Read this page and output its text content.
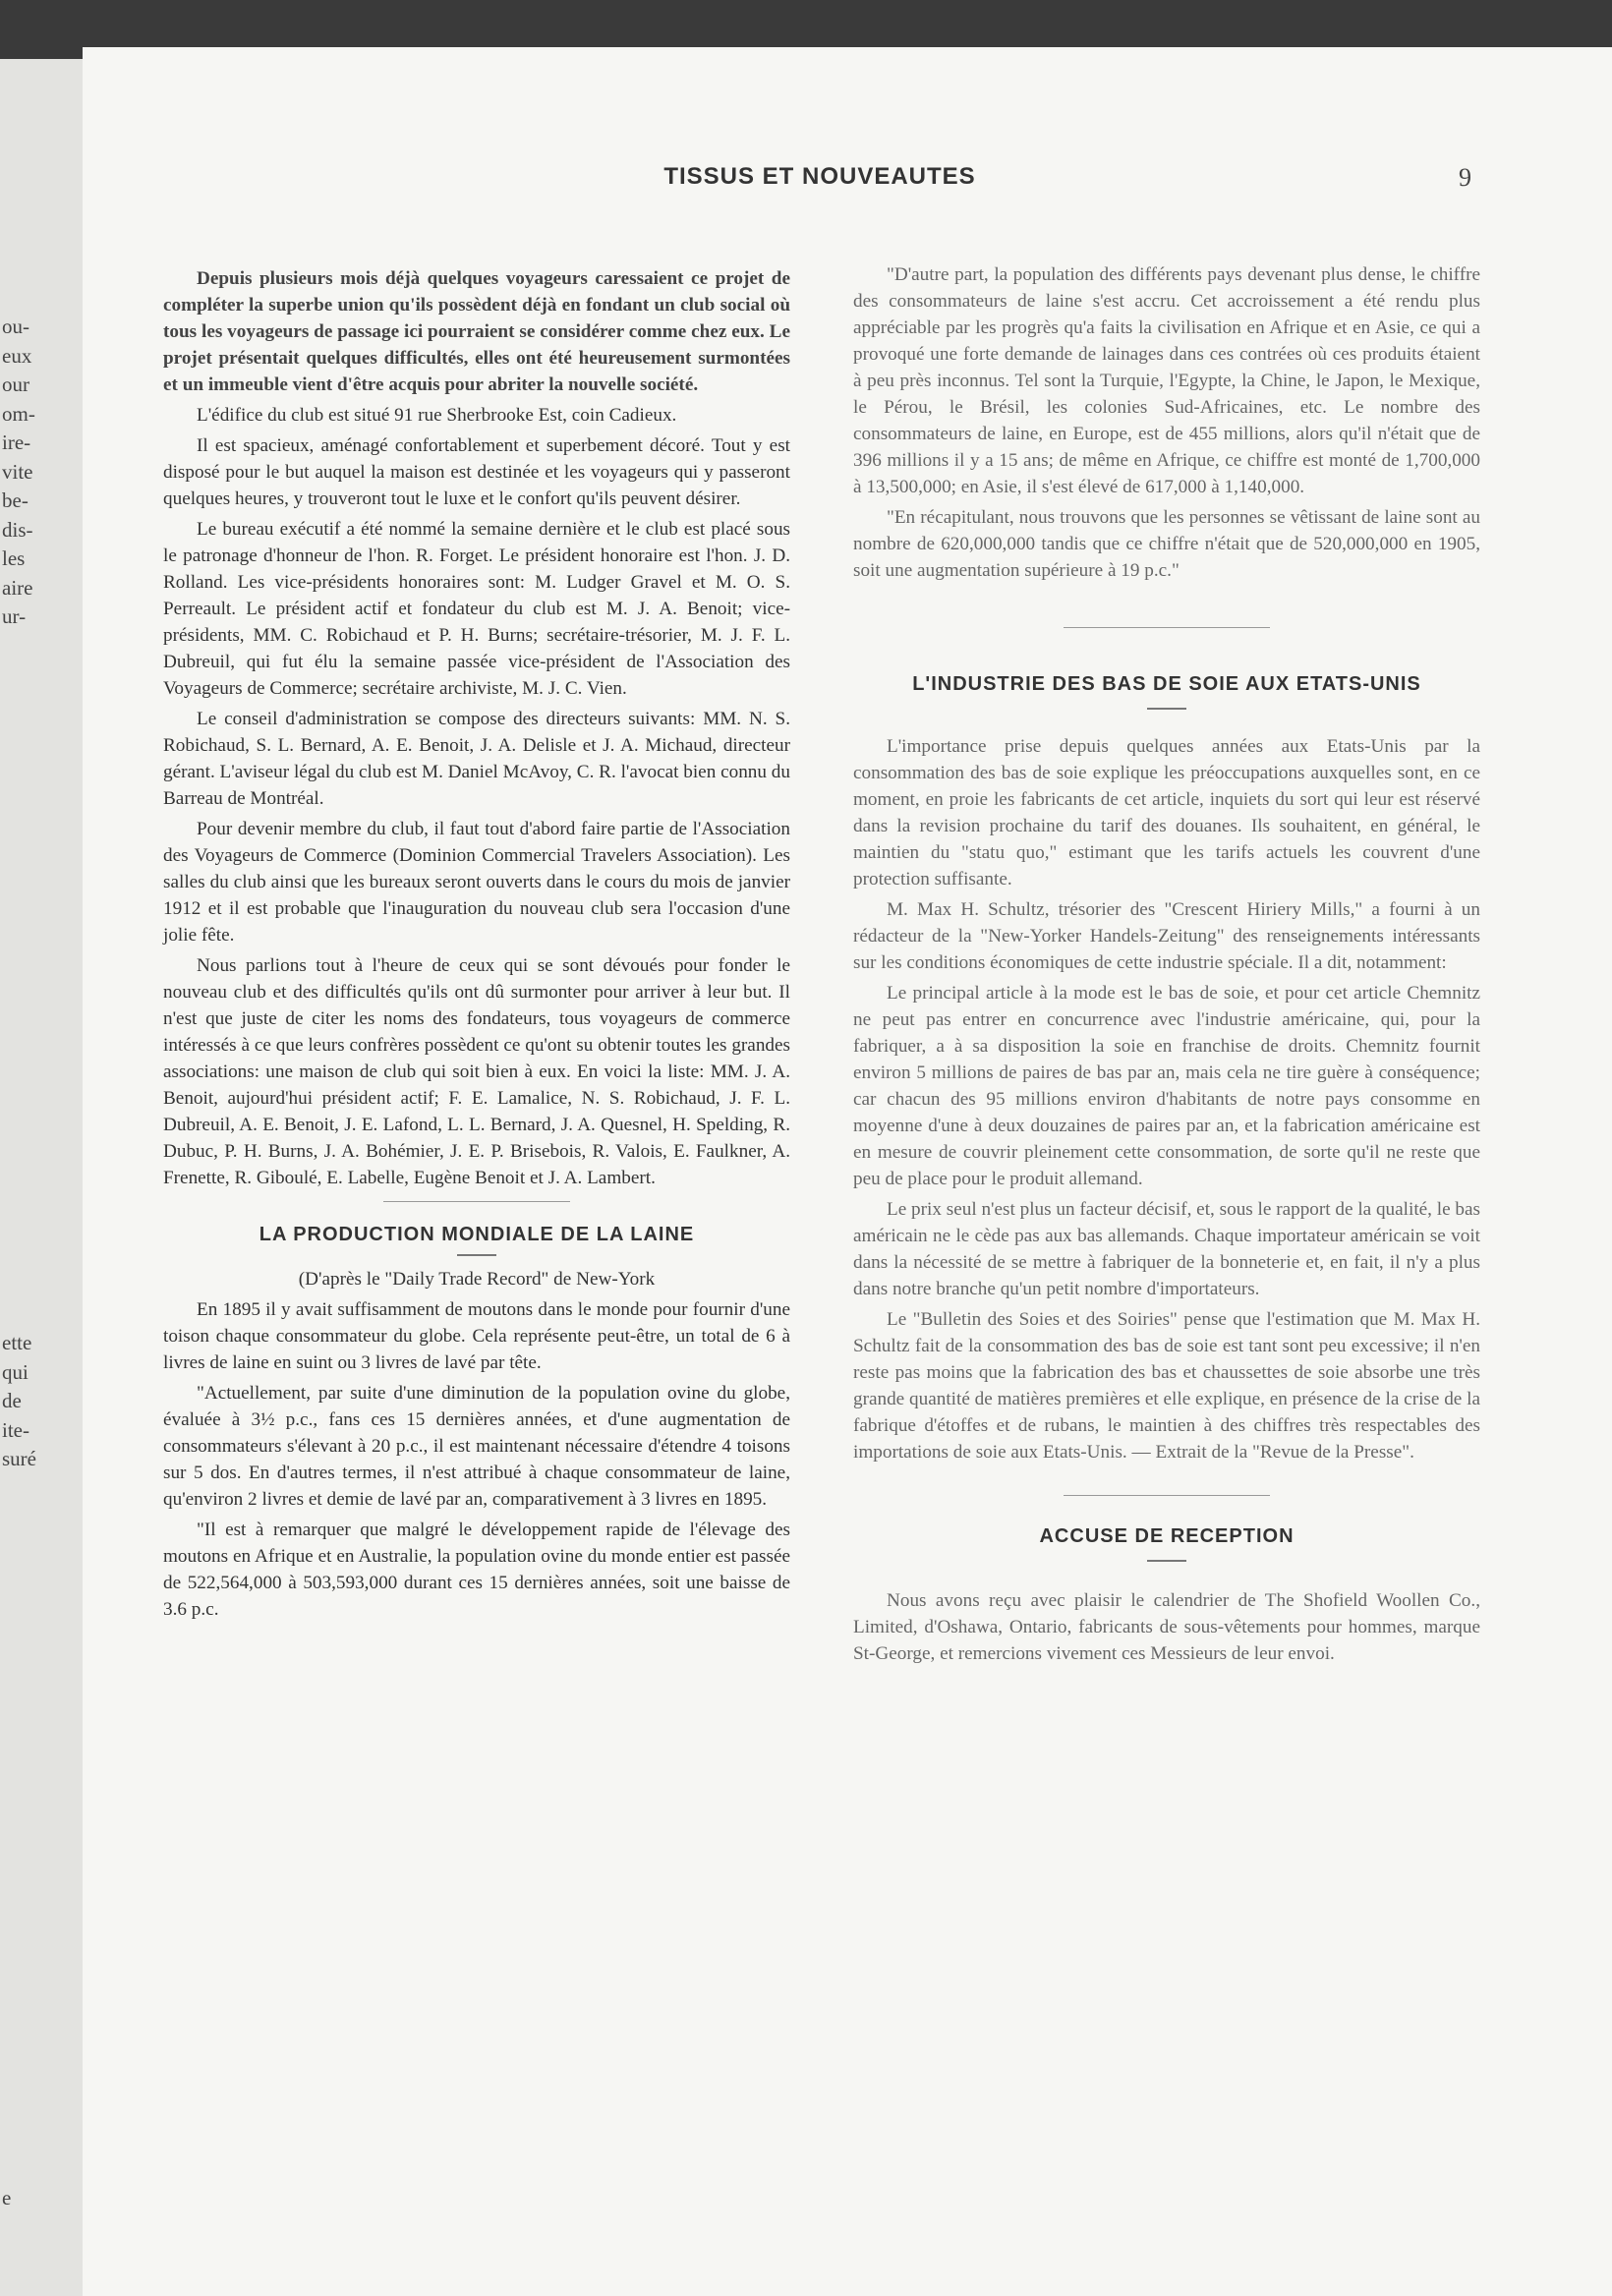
ou-
eux
our
om-
ire-
vite
be-
dis-
les
aire
ur-
ette
qui
de
ite-
suré
e
TISSUS ET NOUVEAUTES	9

Depuis plusieurs mois déjà quelques voyageurs caressaient ce projet de compléter la superbe union qu'ils possèdent déjà en fondant un club social où tous les voyageurs de passage ici pourraient se considérer comme chez eux. Le projet présentait quelques difficultés, elles ont été heureusement surmontées et un immeuble vient d'être acquis pour abriter la nouvelle société.

L'édifice du club est situé 91 rue Sherbrooke Est, coin Cadieux.

Il est spacieux, aménagé confortablement et superbement décoré. Tout y est disposé pour le but auquel la maison est destinée et les voyageurs qui y passeront quelques heures, y trouveront tout le luxe et le confort qu'ils peuvent désirer.

Le bureau exécutif a été nommé la semaine dernière et le club est placé sous le patronage d'honneur de l'hon. R. Forget. Le président honoraire est l'hon. J. D. Rolland. Les vice-présidents honoraires sont: M. Ludger Gravel et M. O. S. Perreault. Le président actif et fondateur du club est M. J. A. Benoit; vice-présidents, MM. C. Robichaud et P. H. Burns; secrétaire-trésorier, M. J. F. L. Dubreuil, qui fut élu la semaine passée vice-président de l'Association des Voyageurs de Commerce; secrétaire archiviste, M. J. C. Vien.

Le conseil d'administration se compose des directeurs suivants: MM. N. S. Robichaud, S. L. Bernard, A. E. Benoit, J. A. Delisle et J. A. Michaud, directeur gérant. L'aviseur légal du club est M. Daniel McAvoy, C. R. l'avocat bien connu du Barreau de Montréal.

Pour devenir membre du club, il faut tout d'abord faire partie de l'Association des Voyageurs de Commerce (Dominion Commercial Travelers Association). Les salles du club ainsi que les bureaux seront ouverts dans le cours du mois de janvier 1912 et il est probable que l'inauguration du nouveau club sera l'occasion d'une jolie fête.

Nous parlions tout à l'heure de ceux qui se sont dévoués pour fonder le nouveau club et des difficultés qu'ils ont dû surmonter pour arriver à leur but. Il n'est que juste de citer les noms des fondateurs, tous voyageurs de commerce intéressés à ce que leurs confrères possèdent ce qu'ont su obtenir toutes les grandes associations: une maison de club qui soit bien à eux. En voici la liste: MM. J. A. Benoit, aujourd'hui président actif; F. E. Lamalice, N. S. Robichaud, J. F. L. Dubreuil, A. E. Benoit, J. E. Lafond, L. L. Bernard, J. A. Quesnel, H. Spelding, R. Dubuc, P. H. Burns, J. A. Bohémier, J. E. P. Brisebois, R. Valois, E. Faulkner, A. Frenette, R. Giboulé, E. Labelle, Eugène Benoit et J. A. Lambert.

LA PRODUCTION MONDIALE DE LA LAINE

(D'après le "Daily Trade Record" de New-York

En 1895 il y avait suffisamment de moutons dans le monde pour fournir d'une toison chaque consommateur du globe. Cela représente peut-être, un total de 6 à livres de laine en suint ou 3 livres de lavé par tête.

"Actuellement, par suite d'une diminution de la population ovine du globe, évaluée à 3½ p.c., fans ces 15 dernières années, et d'une augmentation de consommateurs s'élevant à 20 p.c., il est maintenant nécessaire d'étendre 4 toisons sur 5 dos. En d'autres termes, il n'est attribué à chaque consommateur de laine, qu'environ 2 livres et demie de lavé par an, comparativement à 3 livres en 1895.

"Il est à remarquer que malgré le développement rapide de l'élevage des moutons en Afrique et en Australie, la population ovine du monde entier est passée de 522,564,000 à 503,593,000 durant ces 15 dernières années, soit une baisse de 3.6 p.c.

"D'autre part, la population des différents pays devenant plus dense, le chiffre des consommateurs de laine s'est accru. Cet accroissement a été rendu plus appréciable par les progrès qu'a faits la civilisation en Afrique et en Asie, ce qui a provoqué une forte demande de lainages dans ces contrées où ces produits étaient à peu près inconnus. Tel sont la Turquie, l'Egypte, la Chine, le Japon, le Mexique, le Pérou, le Brésil, les colonies Sud-Africaines, etc. Le nombre des consommateurs de laine, en Europe, est de 455 millions, alors qu'il n'était que de 396 millions il y a 15 ans; de même en Afrique, ce chiffre est monté de 1,700,000 à 13,500,000; en Asie, il s'est élevé de 617,000 à 1,140,000.

"En récapitulant, nous trouvons que les personnes se vêtissant de laine sont au nombre de 620,000,000 tandis que ce chiffre n'était que de 520,000,000 en 1905, soit une augmentation supérieure à 19 p.c."

L'INDUSTRIE DES BAS DE SOIE AUX ETATS-UNIS

L'importance prise depuis quelques années aux Etats-Unis par la consommation des bas de soie explique les préoccupations auxquelles sont, en ce moment, en proie les fabricants de cet article, inquiets du sort qui leur est réservé dans la revision prochaine du tarif des douanes. Ils souhaitent, en général, le maintien du "statu quo," estimant que les tarifs actuels les couvrent d'une protection suffisante.

M. Max H. Schultz, trésorier des "Crescent Hiriery Mills," a fourni à un rédacteur de la "New-Yorker Handels-Zeitung" des renseignements intéressants sur les conditions économiques de cette industrie spéciale. Il a dit, notamment:

Le principal article à la mode est le bas de soie, et pour cet article Chemnitz ne peut pas entrer en concurrence avec l'industrie américaine, qui, pour la fabriquer, a à sa disposition la soie en franchise de droits. Chemnitz fournit environ 5 millions de paires de bas par an, mais cela ne tire guère à conséquence; car chacun des 95 millions environ d'habitants de notre pays consomme en moyenne d'une à deux douzaines de paires par an, et la fabrication américaine est en mesure de couvrir pleinement cette consommation, de sorte qu'il ne reste que peu de place pour le produit allemand.

Le prix seul n'est plus un facteur décisif, et, sous le rapport de la qualité, le bas américain ne le cède pas aux bas allemands. Chaque importateur américain se voit dans la nécessité de se mettre à fabriquer de la bonneterie et, en fait, il n'y a plus dans notre branche qu'un petit nombre d'importateurs.

Le "Bulletin des Soies et des Soiries" pense que l'estimation que M. Max H. Schultz fait de la consommation des bas de soie est tant sont peu excessive; il n'en reste pas moins que la fabrication des bas et chaussettes de soie absorbe une très grande quantité de matières premières et elle explique, en présence de la crise de la fabrique d'étoffes et de rubans, le maintien à des chiffres très respectables des importations de soie aux Etats-Unis. — Extrait de la "Revue de la Presse".

ACCUSE DE RECEPTION

Nous avons reçu avec plaisir le calendrier de The Shofield Woollen Co., Limited, d'Oshawa, Ontario, fabricants de sous-vêtements pour hommes, marque St-George, et remercions vivement ces Messieurs de leur envoi.
